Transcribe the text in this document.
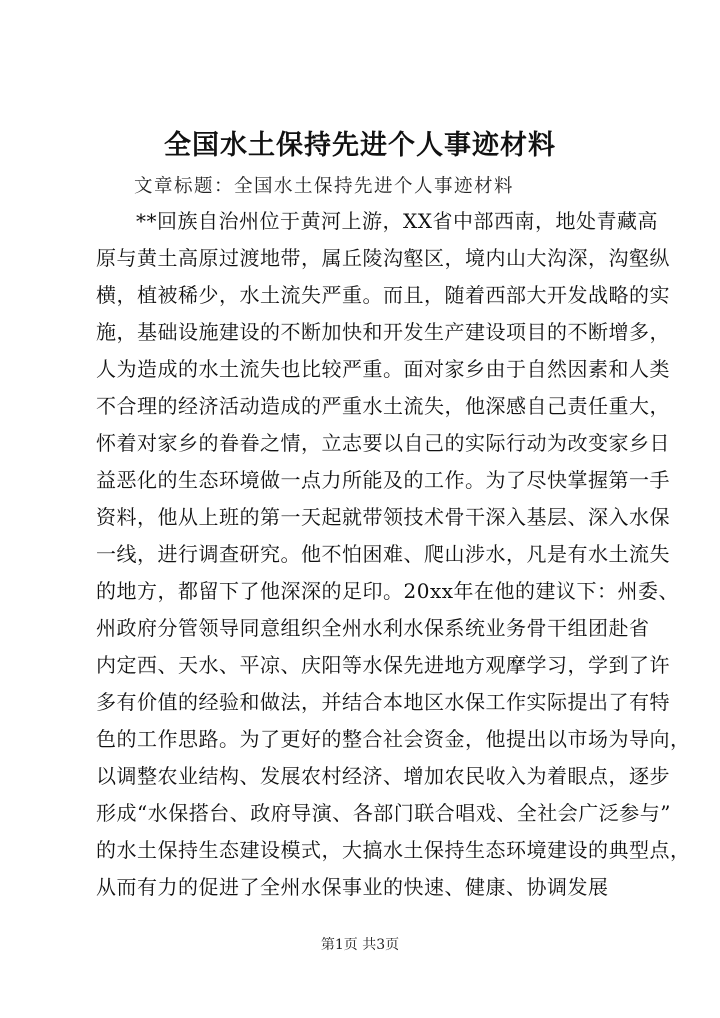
全国水土保持先进个人事迹材料

文章标题：全国水土保持先进个人事迹材料

**回族自治州位于黄河上游，XX省中部西南，地处青藏高
原与黄土高原过渡地带，属丘陵沟壑区，境内山大沟深，沟壑纵
横，植被稀少，水土流失严重。而且，随着西部大开发战略的实
施，基础设施建设的不断加快和开发生产建设项目的不断增多，
人为造成的水土流失也比较严重。面对家乡由于自然因素和人类
不合理的经济活动造成的严重水土流失，他深感自己责任重大，
怀着对家乡的眷眷之情，立志要以自己的实际行动为改变家乡日
益恶化的生态环境做一点力所能及的工作。为了尽快掌握第一手
资料，他从上班的第一天起就带领技术骨干深入基层、深入水保
一线，进行调查研究。他不怕困难、爬山涉水，凡是有水土流失
的地方，都留下了他深深的足印。20xx年在他的建议下：州委、
州政府分管领导同意组织全州水利水保系统业务骨干组团赴省
内定西、天水、平凉、庆阳等水保先进地方观摩学习，学到了许
多有价值的经验和做法，并结合本地区水保工作实际提出了有特
色的工作思路。为了更好的整合社会资金，他提出以市场为导向，
以调整农业结构、发展农村经济、增加农民收入为着眼点，逐步
形成“水保搭台、政府导演、各部门联合唱戏、全社会广泛参与”
的水土保持生态建设模式，大搞水土保持生态环境建设的典型点，
从而有力的促进了全州水保事业的快速、健康、协调发展

第1页 共3页
